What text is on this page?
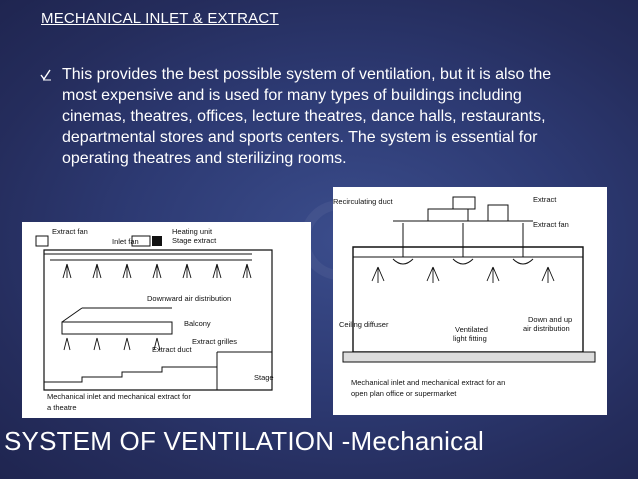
MECHANICAL INLET & EXTRACT
This provides the best possible system of ventilation, but it is also the most expensive and is used for many types of buildings including cinemas, theatres, offices, lecture theatres, dance halls, restaurants, departmental stores and sports centers. The system is essential for operating theatres and sterilizing rooms.
Extract fan
Inlet fan
Heating unit
Stage extract
Downward air distribution
Balcony
Extract grilles
Extract duct
Stage
Mechanical inlet and mechanical extract for
a theatre
Recirculating duct	Extract
Extract fan
Ceiling diffuser
Ventilated
light fitting
Down and up
air distribution
Mechanical inlet and mechanical extract for an
open plan office or supermarket
SYSTEM OF VENTILATION -Mechanical
